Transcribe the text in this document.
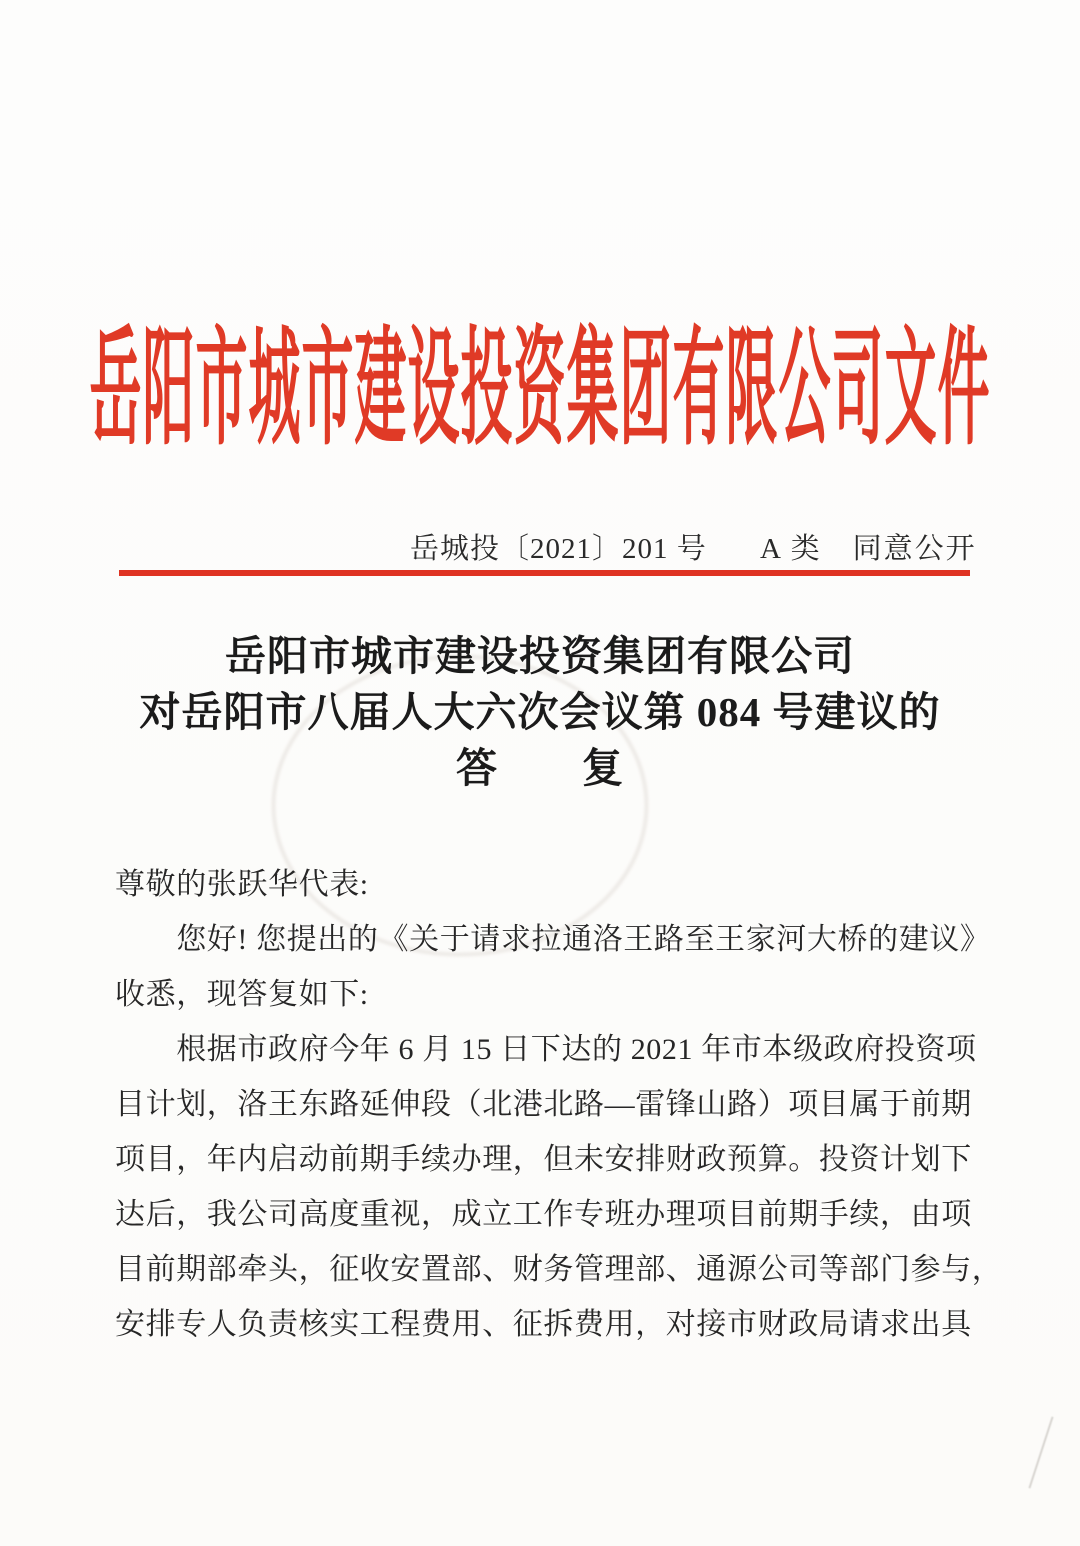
岳阳市城市建设投资集团有限公司文件
岳城投〔2021〕201 号 A 类　同意公开
岳阳市城市建设投资集团有限公司
对岳阳市八届人大六次会议第 084 号建议的
答　　复
尊敬的张跃华代表:
　　您好! 您提出的《关于请求拉通洛王路至王家河大桥的建议》
收悉，现答复如下:
　　根据市政府今年 6 月 15 日下达的 2021 年市本级政府投资项
目计划，洛王东路延伸段（北港北路—雷锋山路）项目属于前期
项目，年内启动前期手续办理，但未安排财政预算。投资计划下
达后，我公司高度重视，成立工作专班办理项目前期手续，由项
目前期部牵头，征收安置部、财务管理部、通源公司等部门参与，
安排专人负责核实工程费用、征拆费用，对接市财政局请求出具
